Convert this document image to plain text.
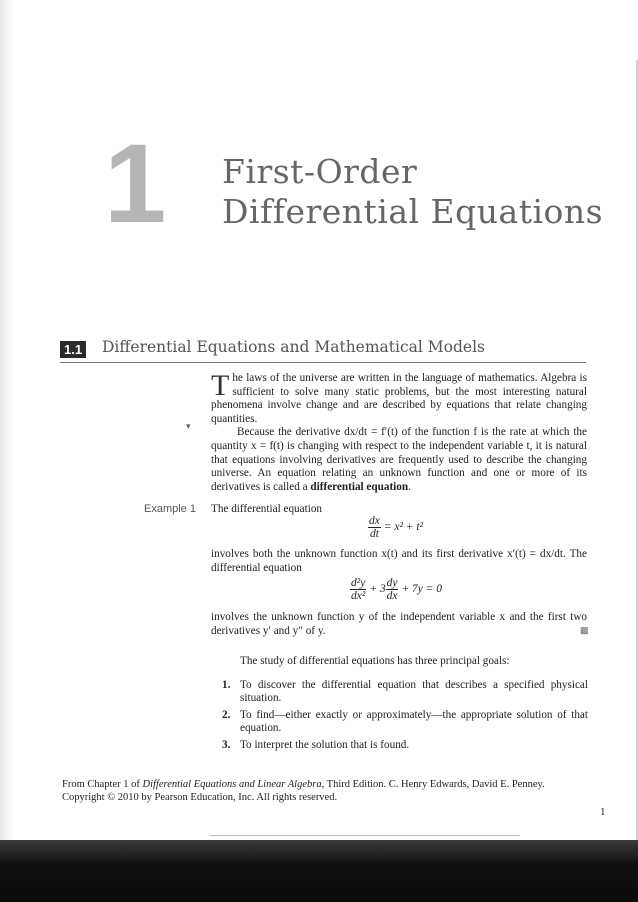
1 First-Order
Differential Equations
1.1 Differential Equations and Mathematical Models

The laws of the universe are written in the language of mathematics. Algebra is sufficient to solve many static problems, but the most interesting natural phenomena involve change and are described by equations that relate changing quantities.

Because the derivative dx/dt = f′(t) of the function f is the rate at which the quantity x = f(t) is changing with respect to the independent variable t, it is natural that equations involving derivatives are frequently used to describe the changing universe. An equation relating an unknown function and one or more of its derivatives is called a differential equation.

▾
Example 1 The differential equation
$\frac{dx}{dt} = x^2 + t^2$
involves both the unknown function x(t) and its first derivative x′(t) = dx/dt. The differential equation
$\frac{\text{d²y}}{\text{dx²}} + 3 \frac{dy}{dx} + 7y = 0$
involves the unknown function y of the independent variable x and the first two derivatives y′ and y″ of y.	▩
The study of differential equations has three principal goals:
1. To discover the differential equation that describes a specified physical situation.
2. To find—either exactly or approximately—the appropriate solution of that equation.
3. To interpret the solution that is found.
From Chapter 1 of Differential Equations and Linear Algebra, Third Edition. C. Henry Edwards, David E. Penney.
Copyright © 2010 by Pearson Education, Inc. All rights reserved.
1
